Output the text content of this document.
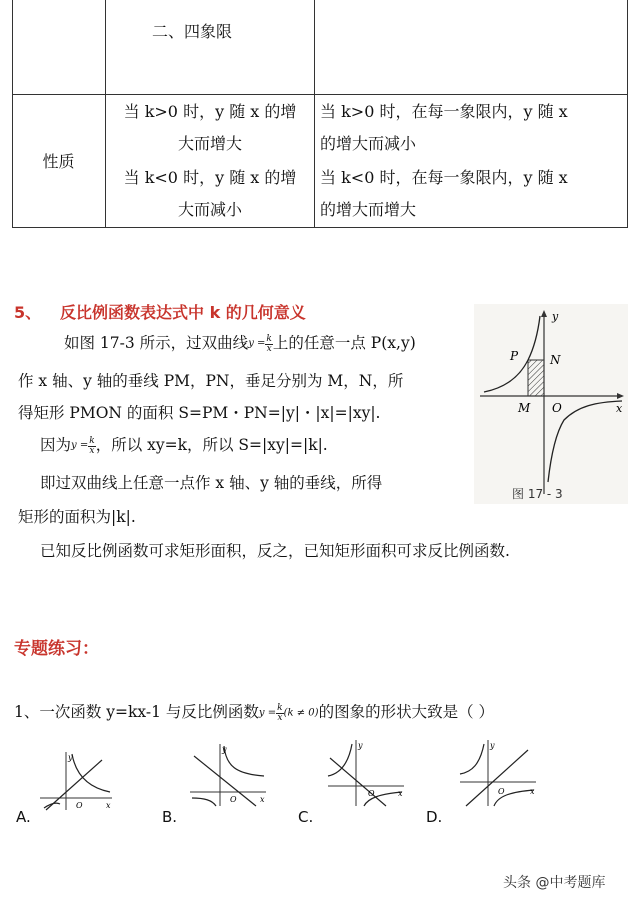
二、四象限
性质
当 k>0 时，y 随 x 的增
大而增大
当 k<0 时，y 随 x 的增
大而减小
当 k>0 时，在每一象限内，y 随 x
的增大而减小
当 k<0 时，在每一象限内，y 随 x
的增大而增大
5、 反比例函数表达式中 k 的几何意义
如图 17-3 所示，过双曲线$y = \frac{k}{x}$ 上的任意一点 P(x,y)
作 x 轴、y 轴的垂线 PM，PN，垂足分别为 M，N，所
得矩形 PMON 的面积 S=PM・PN=|y|・|x|=|xy|.
因为$y = \frac{k}{x}$ ，所以 xy=k，所以 S=|xy|=|k|.
即过双曲线上任意一点作 x 轴、y 轴的垂线，所得
矩形的面积为|k|.
已知反比例函数可求矩形面积，反之，已知矩形面积可求反比例函数.
y
x
P	N
M O
图 17 - 3
专题练习：
1、一次函数 y=kx-1 与反比例函数$y = \frac{k}{x} (k \ne 0)$的图象的形状大致是（ ）
y
x
O
A.
y
x
O
B.
y
x
O
C.
y
x
O
D.
头条 @中考题库
